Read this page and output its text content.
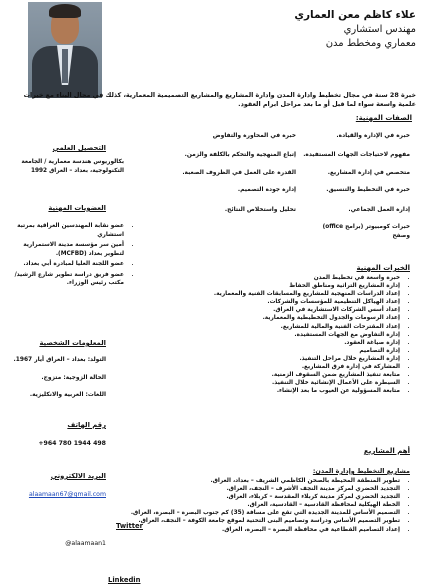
علاء كاظم معن العماري
مهندس استشاري
معماري ومخطط مدن
خبرة 28 سنة في مجال تخطيط وادارة المدن وادارة المشاريع والمشاريع التصميمية المعمارية، كذلك في مجال البناء مع خبرات علمية واسعة سواء لما قبل أو ما بعد مراحل ابرام العقود.
الصفات المهنية:
خبرة في الإدارة والقيادة.
مفهوم لاحتياجات الجهات المستفيدة.
متخصص في إدارة المشاريع.
خبرة في التخطيط والتنسيق.
إدارة العمل الجماعي.
خبرات كومبيوتر (برامج office) وصفح
خبرة في المحاورة والتفاوض
إتباع المنهجية والتحكم بالكلفة والزمن.
القدرة على العمل في الظروف الصعبة.
إدارة جودة التصميم.
تحليل واستخلاص النتائج.
التحصيل العلمي
بكالوريوس هندسة معمارية / الجامعة التكنولوجية، بغداد – العراق 1992
العضويات المهنية
• عضو نقابة المهندسين العراقية بمرتبة استشاري
• أمين سر مؤسسة مدينة الاستمرارية لتطوير بغداد (MCFBD).
• عضو اللجنة العليا لمبادرة أبي بغداد.
• عضو فريق دراسة تطوير شارع الرشيد/ مكتب رئيس الوزراء.
المعلومات الشخصية
التولد: بغداد – العراق أيار 1967.
الحالة الزوجية: متزوج.
اللغات: العربية والانكليزية.
رقم الهاتف
+964 780 1944 498
البريد الالكتروني
alaamaan67@gmail.com
Twitter
@alaamaan1
Linkedin
الخبرات المهنية
• خبرة واسعة في تخطيط المدن
• إدارة المشاريع التراثية ومناطق الحفاظ
• إعداد الدراسات المنهجية للمشاريع والمسابقات الفنية والمعمارية.
• إعداد الهياكل التنظيمية للمؤسسات والشركات.
• إعداد أسس الشركات الاستشارية في العراق.
• إعداد الرسومات والجدول التخطيطية والمعمارية.
• إعداد المقترحات الفنية والمالية للمشاريع.
• إدارة التفاوض مع الجهات المستفيدة.
• إدارة صياغة العقود.
• إدارة التصاميم
• إدارة المشاريع خلال مراحل التنفيذ.
• المشاركة في إدارة فرق المشاريع.
• متابعة تنفيذ المشاريع ضمن السقوف الزمنية.
• السيطرة على الأعمال الإنشائية خلال التنفيذ.
• متابعة المسؤولية عن العيوب ما بعد الإنشاء.
أهم المشاريع
مشاريع التخطيط وإدارة المدن:
• تطوير المنطقة المحيطة بالصحن الكاظمي الشريف – بغداد، العراق.
• التجديد الحضري لمركز مدينة النجف الأشرف – النجف، العراق.
• التجديد الحضري لمركز مدينة كربلاء المقدسة – كربلاء، العراق.
• الخطة الهيكلية لمحافظة القادسية – القادسية، العراق.
• التصميم الأساس للمدينة الجديدة التي تقع على مسافة (35) كم جنوب البصرة – البصرة، العراق.
• تطوير التصميم الأساس ودراسة وتصاميم البنى التحتية لموقع جامعة الكوفة – النجف، العراق.
• إعداد التصاميم القطاعية في محافظة البصرة – البصرة، العراق.
